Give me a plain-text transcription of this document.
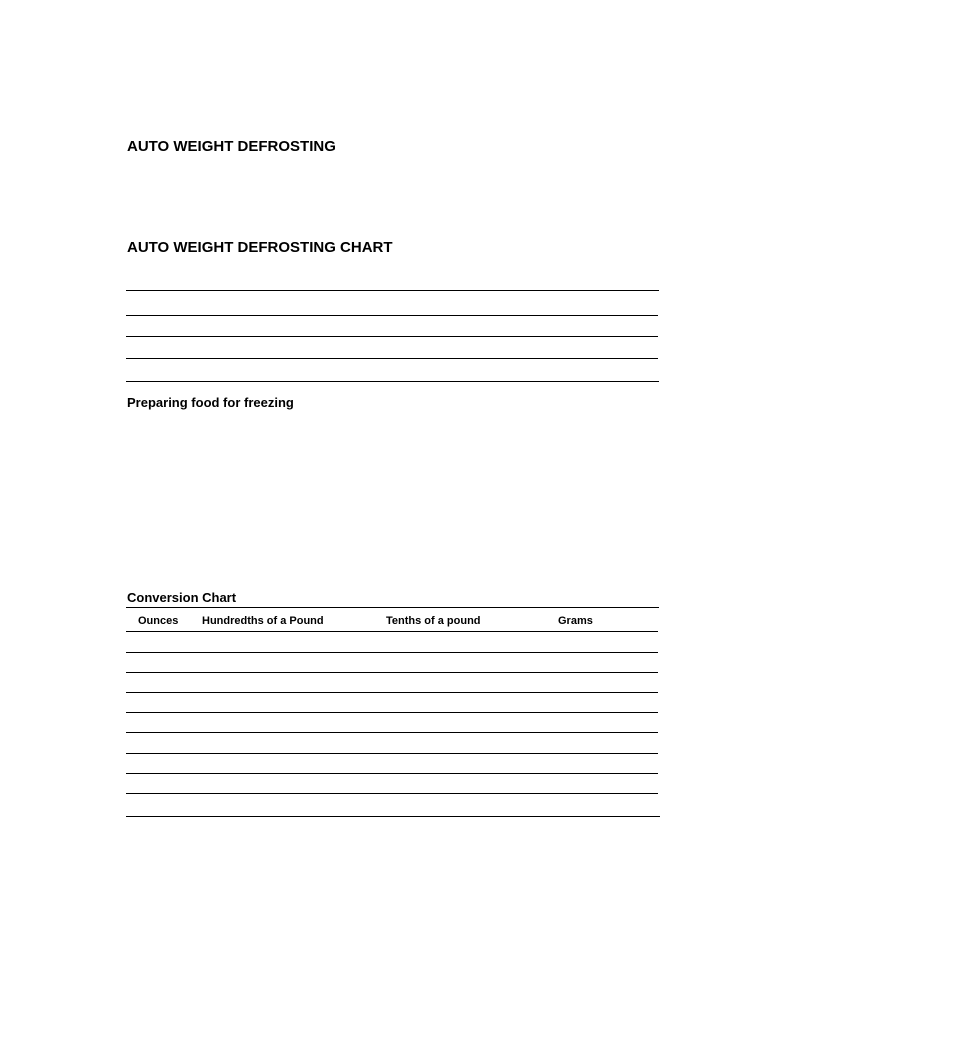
AUTO WEIGHT DEFROSTING
AUTO WEIGHT DEFROSTING CHART
Preparing food for freezing
Conversion Chart
Ounces Hundredths of a Pound	Tenths of a pound	Grams
